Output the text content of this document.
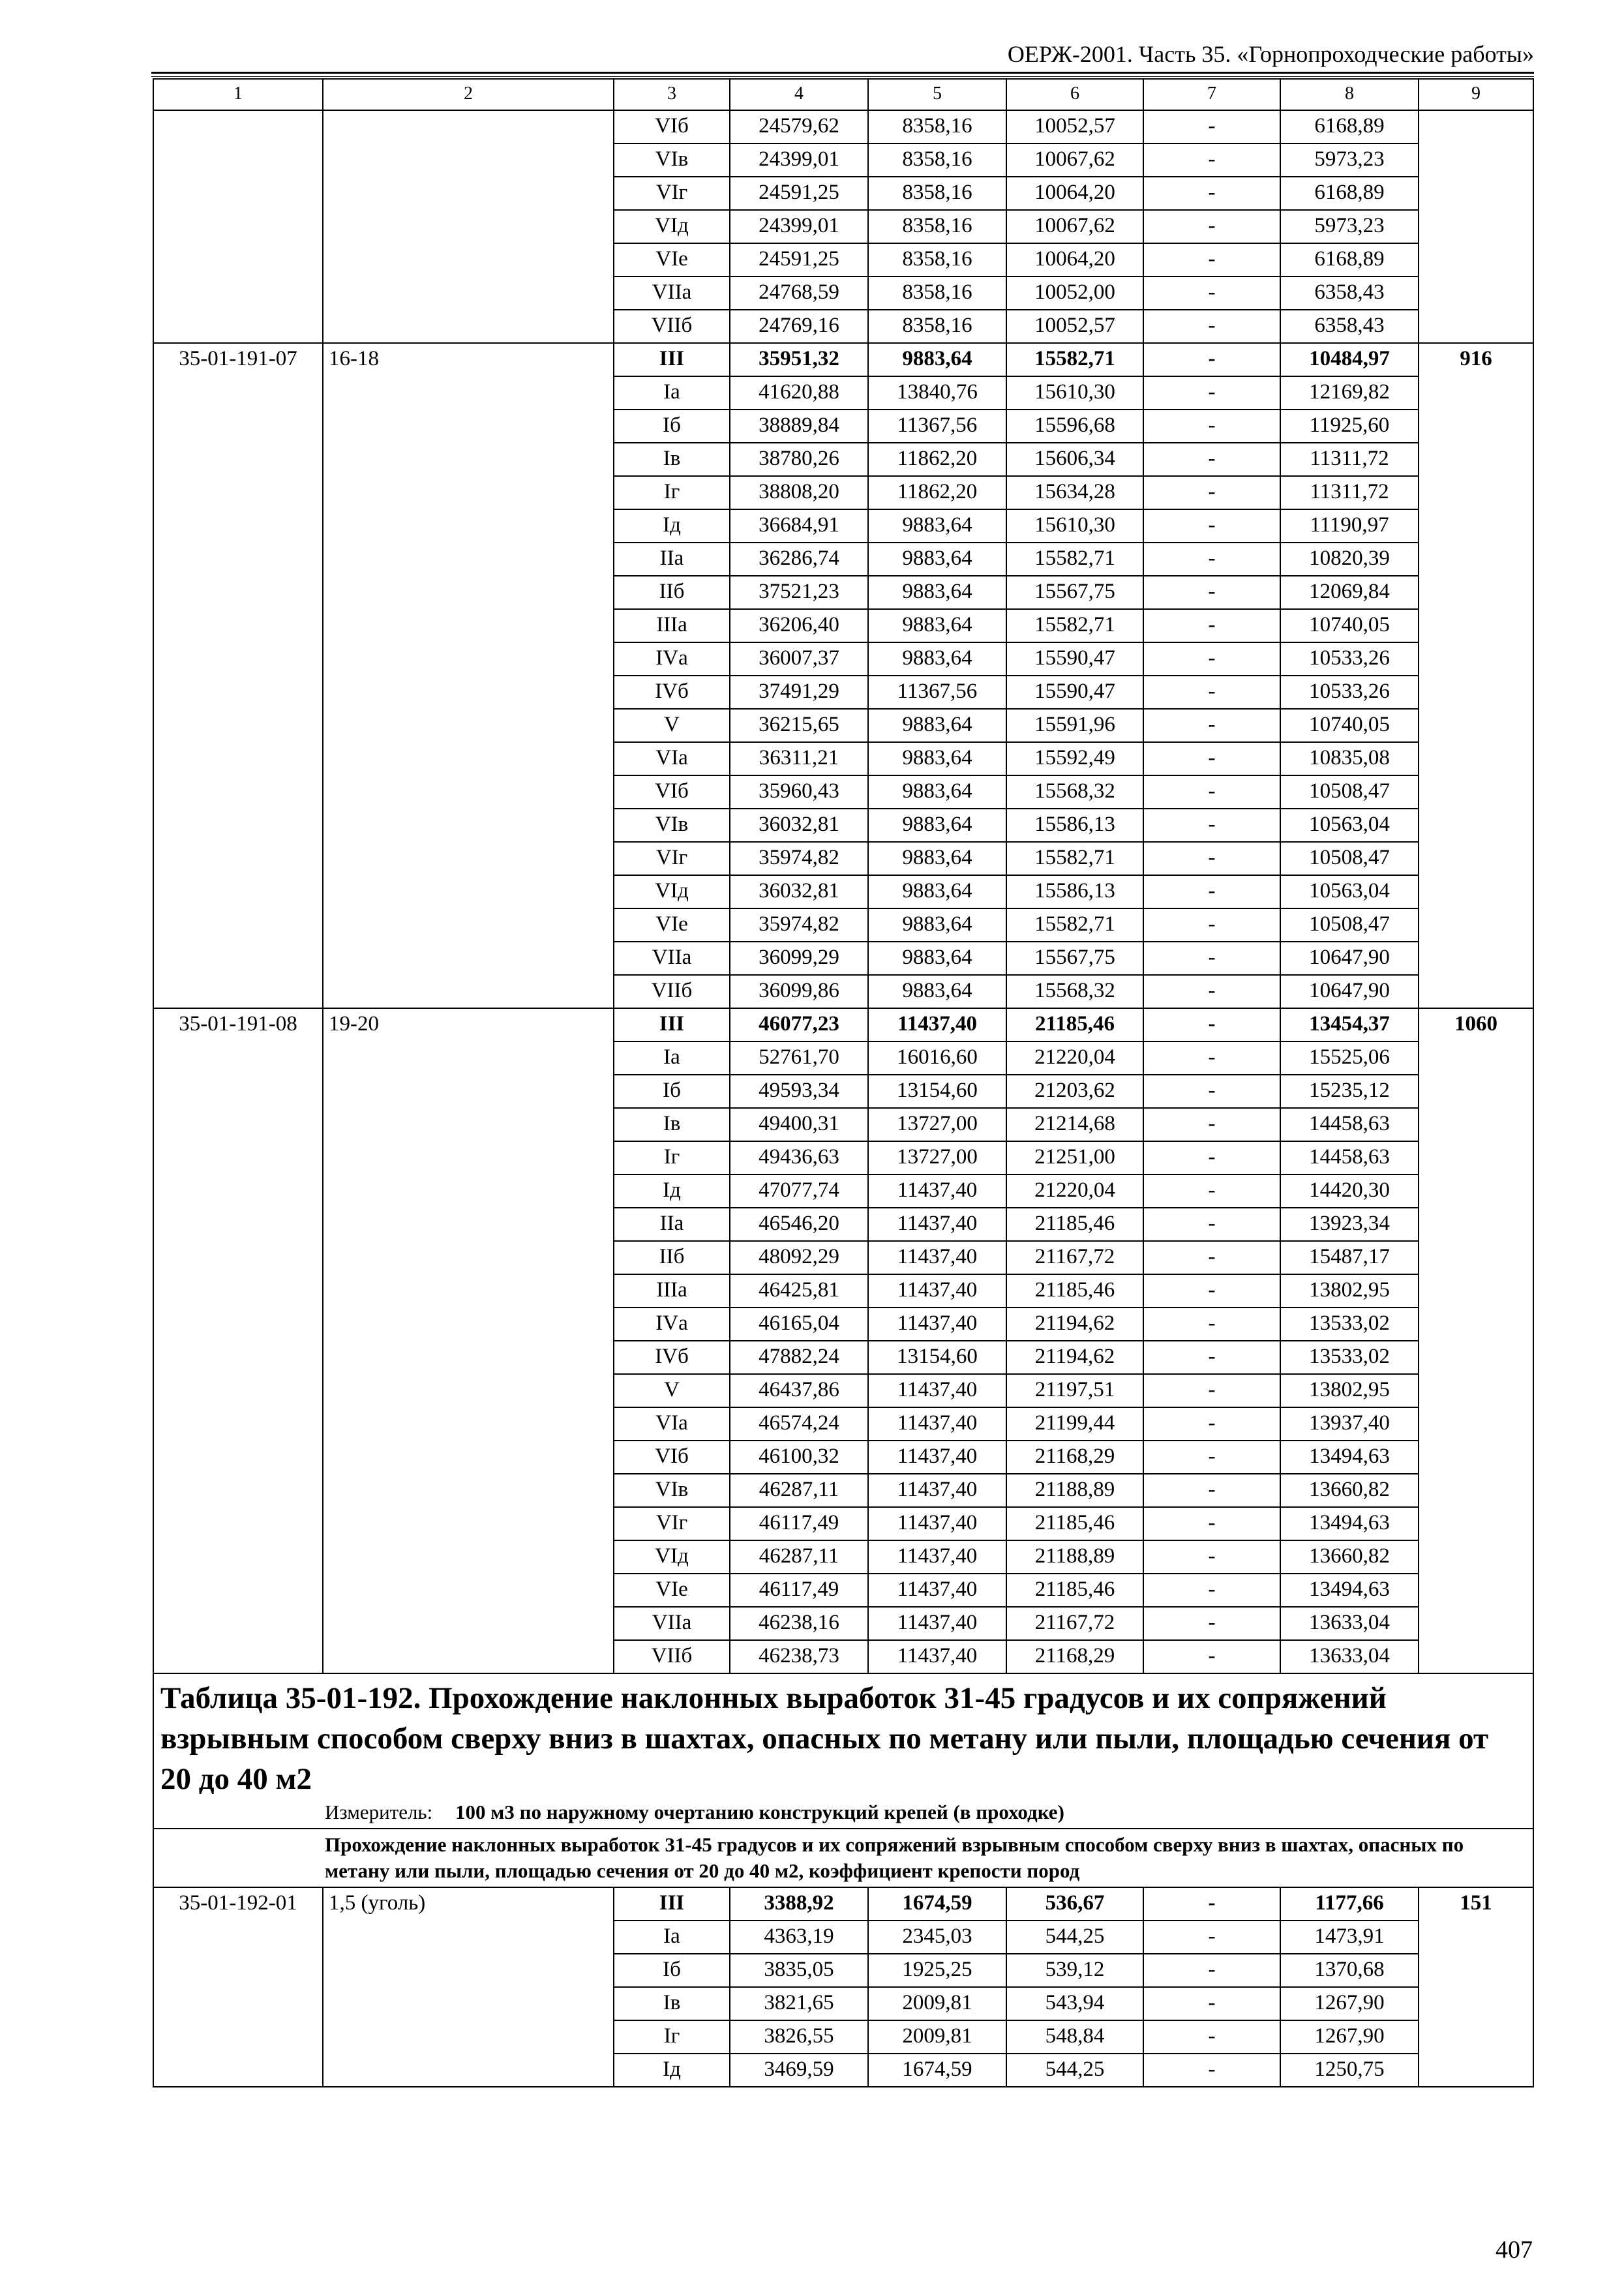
ОЕРЖ-2001. Часть 35. «Горнопроходческие работы»
1	2	3	4	5	6	7	8	9
		VIб	24579,62	8358,16	10052,57	-	6168,89	
		VIв	24399,01	8358,16	10067,62	-	5973,23	
		VIг	24591,25	8358,16	10064,20	-	6168,89	
		VIд	24399,01	8358,16	10067,62	-	5973,23	
		VIе	24591,25	8358,16	10064,20	-	6168,89	
		VIIа	24768,59	8358,16	10052,00	-	6358,43	
		VIIб	24769,16	8358,16	10052,57	-	6358,43	
35-01-191-07	16-18	III	35951,32	9883,64	15582,71	-	10484,97	916
		Iа	41620,88	13840,76	15610,30	-	12169,82	
		Iб	38889,84	11367,56	15596,68	-	11925,60	
		Iв	38780,26	11862,20	15606,34	-	11311,72	
		Iг	38808,20	11862,20	15634,28	-	11311,72	
		Iд	36684,91	9883,64	15610,30	-	11190,97	
		IIа	36286,74	9883,64	15582,71	-	10820,39	
		IIб	37521,23	9883,64	15567,75	-	12069,84	
		IIIа	36206,40	9883,64	15582,71	-	10740,05	
		IVа	36007,37	9883,64	15590,47	-	10533,26	
		IVб	37491,29	11367,56	15590,47	-	10533,26	
		V	36215,65	9883,64	15591,96	-	10740,05	
		VIа	36311,21	9883,64	15592,49	-	10835,08	
		VIб	35960,43	9883,64	15568,32	-	10508,47	
		VIв	36032,81	9883,64	15586,13	-	10563,04	
		VIг	35974,82	9883,64	15582,71	-	10508,47	
		VIд	36032,81	9883,64	15586,13	-	10563,04	
		VIе	35974,82	9883,64	15582,71	-	10508,47	
		VIIа	36099,29	9883,64	15567,75	-	10647,90	
		VIIб	36099,86	9883,64	15568,32	-	10647,90	
35-01-191-08	19-20	III	46077,23	11437,40	21185,46	-	13454,37	1060
		Iа	52761,70	16016,60	21220,04	-	15525,06	
		Iб	49593,34	13154,60	21203,62	-	15235,12	
		Iв	49400,31	13727,00	21214,68	-	14458,63	
		Iг	49436,63	13727,00	21251,00	-	14458,63	
		Iд	47077,74	11437,40	21220,04	-	14420,30	
		IIа	46546,20	11437,40	21185,46	-	13923,34	
		IIб	48092,29	11437,40	21167,72	-	15487,17	
		IIIа	46425,81	11437,40	21185,46	-	13802,95	
		IVа	46165,04	11437,40	21194,62	-	13533,02	
		IVб	47882,24	13154,60	21194,62	-	13533,02	
		V	46437,86	11437,40	21197,51	-	13802,95	
		VIа	46574,24	11437,40	21199,44	-	13937,40	
		VIб	46100,32	11437,40	21168,29	-	13494,63	
		VIв	46287,11	11437,40	21188,89	-	13660,82	
		VIг	46117,49	11437,40	21185,46	-	13494,63	
		VIд	46287,11	11437,40	21188,89	-	13660,82	
		VIе	46117,49	11437,40	21185,46	-	13494,63	
		VIIа	46238,16	11437,40	21167,72	-	13633,04	
		VIIб	46238,73	11437,40	21168,29	-	13633,04	

Таблица 35-01-192. Прохождение наклонных выработок 31-45 градусов и их сопряжений взрывным способом сверху вниз в шахтах, опасных по метану или пыли, площадью сечения от 20 до 40 м2
Измеритель: 100 м3 по наружному очертанию конструкций крепей (в проходке)								

Прохождение наклонных выработок 31-45 градусов и их сопряжений взрывным способом сверху вниз в шахтах, опасных по метану или пыли, площадью сечения от 20 до 40 м2, коэффициент крепости пород								
35-01-192-01	1,5 (уголь)	III	3388,92	1674,59	536,67	-	1177,66	151
		Iа	4363,19	2345,03	544,25	-	1473,91	
		Iб	3835,05	1925,25	539,12	-	1370,68	
		Iв	3821,65	2009,81	543,94	-	1267,90	
		Iг	3826,55	2009,81	548,84	-	1267,90	
		Iд	3469,59	1674,59	544,25	-	1250,75	
407
